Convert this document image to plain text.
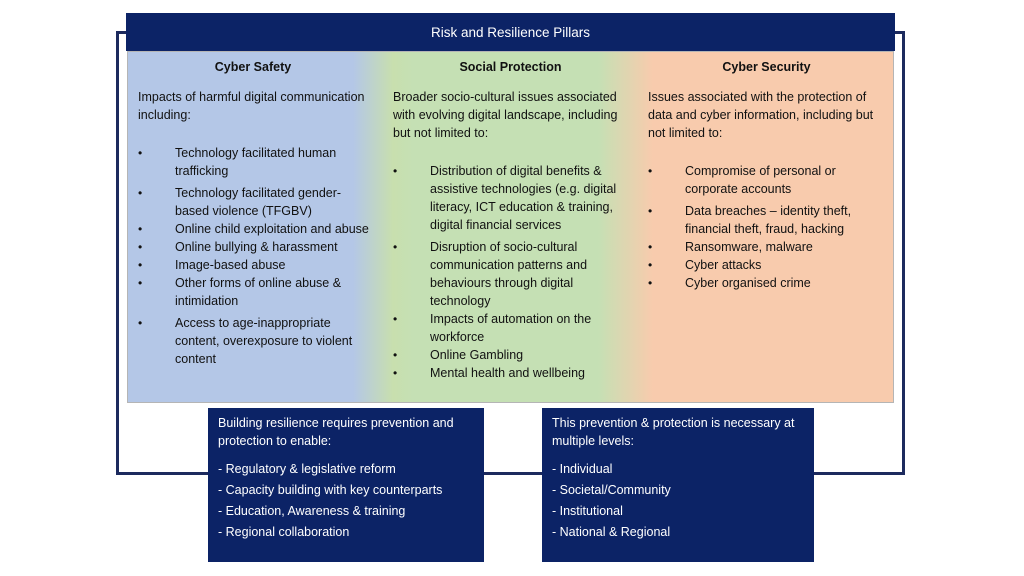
Risk and Resilience Pillars
Cyber Safety

Impacts of harmful digital communication including:

• Technology facilitated human trafficking
• Technology facilitated gender-based violence (TFGBV)
• Online child exploitation and abuse
• Online bullying & harassment
• Image-based abuse
• Other forms of online abuse & intimidation
• Access to age-inappropriate content, overexposure to violent content
Social Protection

Broader socio-cultural issues associated with evolving digital landscape, including but not limited to:

• Distribution of digital benefits & assistive technologies (e.g. digital literacy, ICT education & training, digital financial services
• Disruption of socio-cultural communication patterns and behaviours through digital technology
• Impacts of automation on the workforce
• Online Gambling
• Mental health and wellbeing
Cyber Security

Issues associated with the protection of data and cyber information, including but not limited to:

• Compromise of personal or corporate accounts
• Data breaches – identity theft, financial theft, fraud, hacking
• Ransomware, malware
• Cyber attacks
• Cyber organised crime

Building resilience requires prevention and protection to enable:

- Regulatory & legislative reform
- Capacity building with key counterparts
- Education, Awareness & training
- Regional collaboration

This prevention & protection is necessary at multiple levels:

- Individual
- Societal/Community
- Institutional
- National & Regional
